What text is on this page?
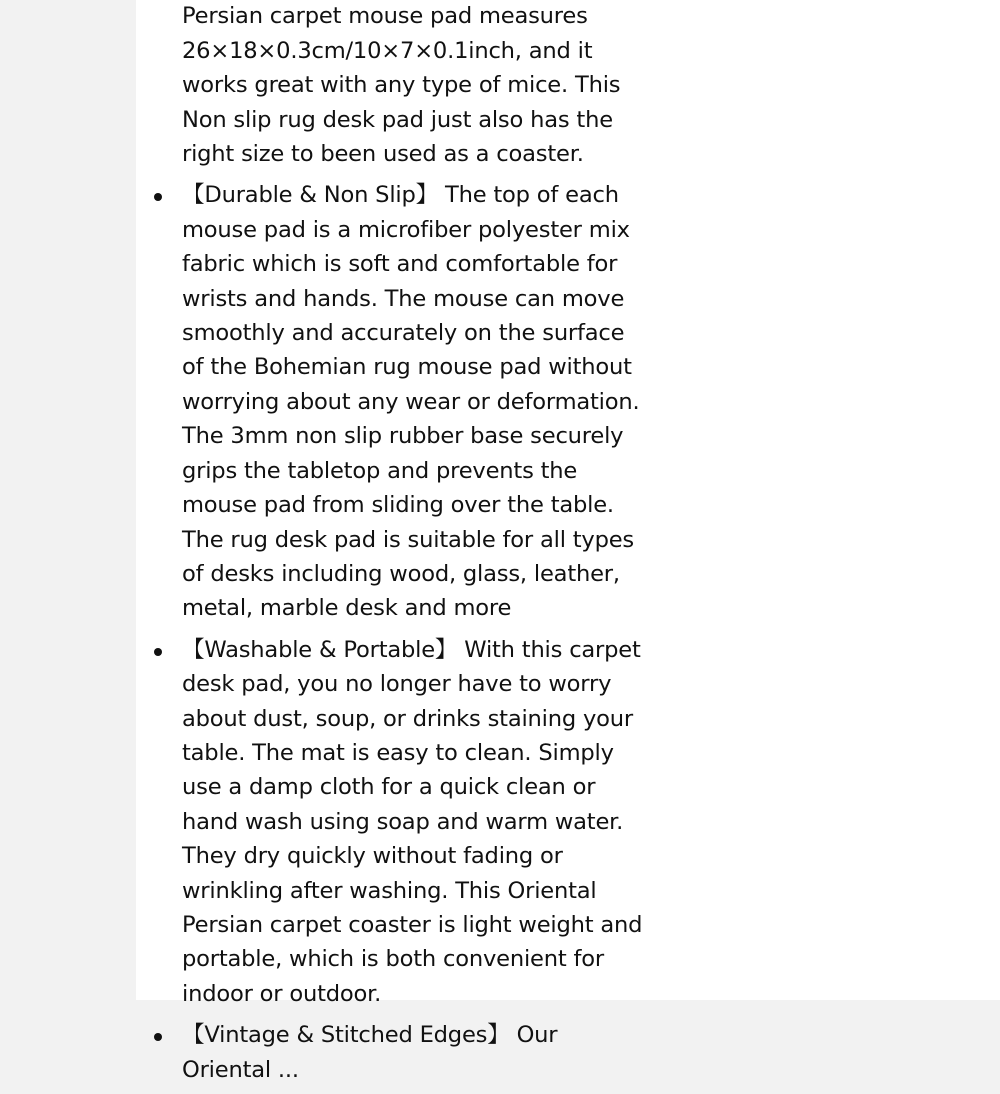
Persian carpet mouse pad measures 26×18×0.3cm/10×7×0.1inch, and it works great with any type of mice. This Non slip rug desk pad just also has the right size to been used as a coaster.
【Durable & Non Slip】 The top of each mouse pad is a microfiber polyester mix fabric which is soft and comfortable for wrists and hands. The mouse can move smoothly and accurately on the surface of the Bohemian rug mouse pad without worrying about any wear or deformation. The 3mm non slip rubber base securely grips the tabletop and prevents the mouse pad from sliding over the table. The rug desk pad is suitable for all types of desks including wood, glass, leather, metal, marble desk and more
【Washable & Portable】 With this carpet desk pad, you no longer have to worry about dust, soup, or drinks staining your table. The mat is easy to clean. Simply use a damp cloth for a quick clean or hand wash using soap and warm water. They dry quickly without fading or wrinkling after washing. This Oriental Persian carpet coaster is light weight and portable, which is both convenient for indoor or outdoor.
【Vintage & Stitched Edges】 Our Oriental ...
